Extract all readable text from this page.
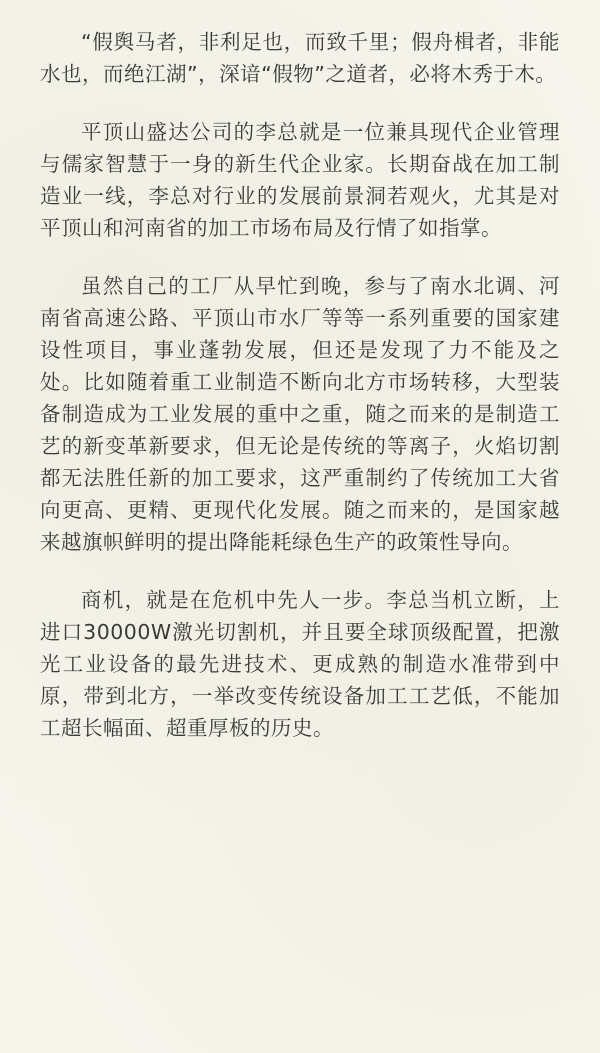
“假舆马者，非利足也，而致千里；假舟楫者，非能水也，而绝江湖”，深谙“假物”之道者，必将木秀于木。

平顶山盛达公司的李总就是一位兼具现代企业管理与儒家智慧于一身的新生代企业家。长期奋战在加工制造业一线，李总对行业的发展前景洞若观火，尤其是对平顶山和河南省的加工市场布局及行情了如指掌。

虽然自己的工厂从早忙到晚，参与了南水北调、河南省高速公路、平顶山市水厂等等一系列重要的国家建设性项目，事业蓬勃发展，但还是发现了力不能及之处。比如随着重工业制造不断向北方市场转移，大型装备制造成为工业发展的重中之重，随之而来的是制造工艺的新变革新要求，但无论是传统的等离子，火焰切割都无法胜任新的加工要求，这严重制约了传统加工大省向更高、更精、更现代化发展。随之而来的，是国家越来越旗帜鲜明的提出降能耗绿色生产的政策性导向。

商机，就是在危机中先人一步。李总当机立断，上进口30000W激光切割机，并且要全球顶级配置，把激光工业设备的最先进技术、更成熟的制造水准带到中原，带到北方，一举改变传统设备加工工艺低，不能加工超长幅面、超重厚板的历史。
